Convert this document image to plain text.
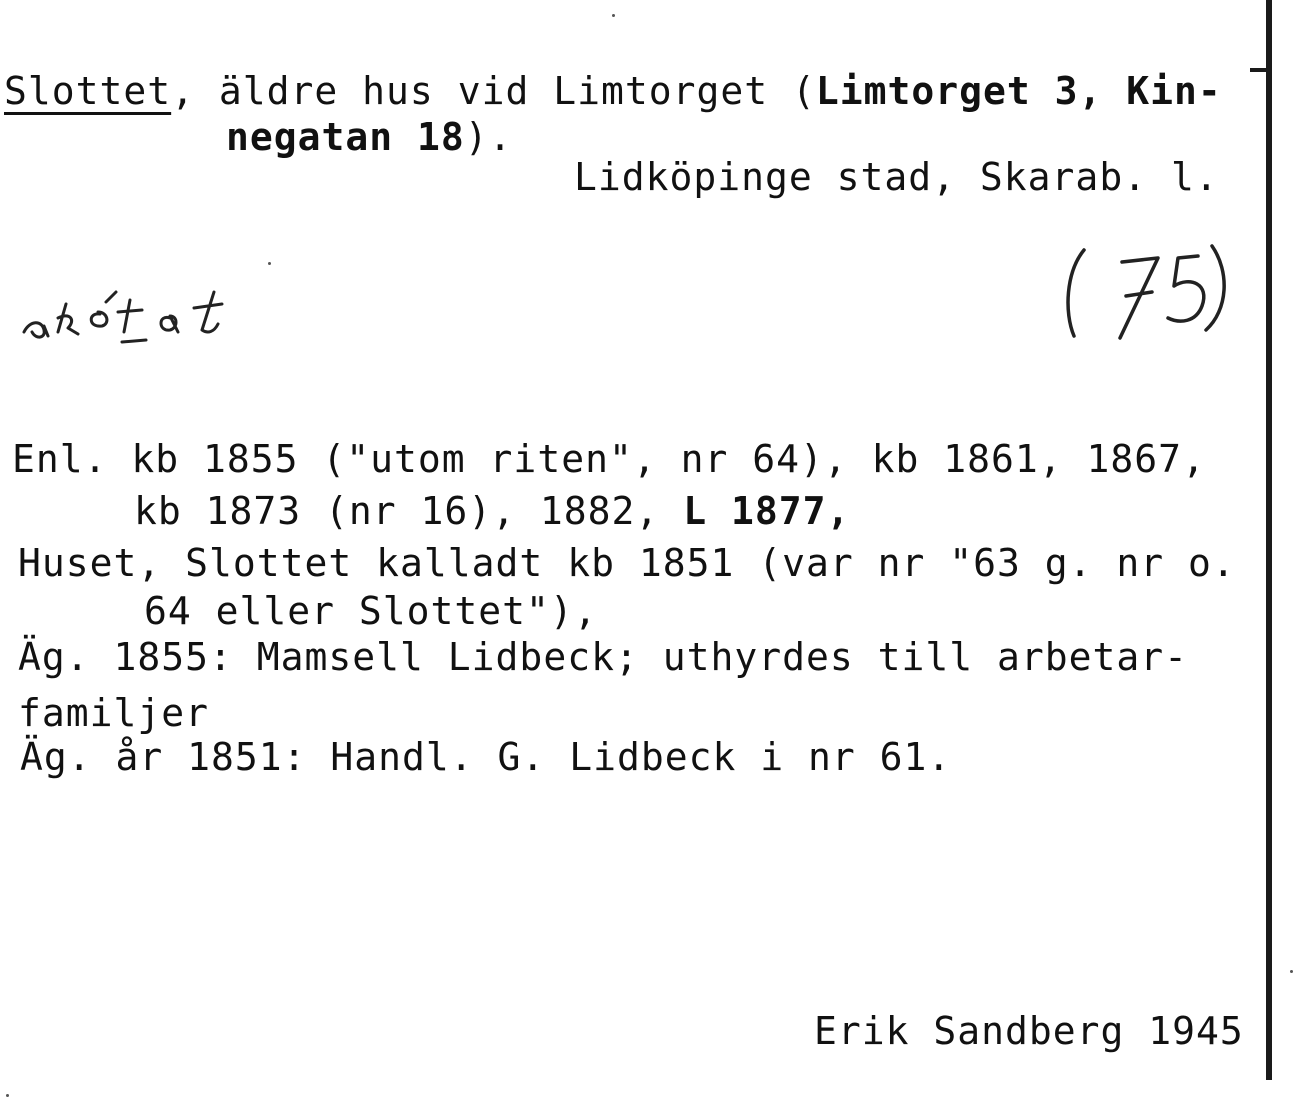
Slottet, äldre hus vid Limtorget (Limtorget 3, Kin-
negatan 18).
Lidköpinge stad, Skarab. l.
Enl. kb 1855 ("utom riten", nr 64), kb 1861, 1867,
kb 1873 (nr 16), 1882, L 1877,
Huset, Slottet kalladt kb 1851 (var nr "63 g. nr o.
64 eller Slottet"),
Äg. 1855: Mamsell Lidbeck; uthyrdes till arbetar-
familjer
Äg. år 1851: Handl. G. Lidbeck i nr 61.
Erik Sandberg 1945
